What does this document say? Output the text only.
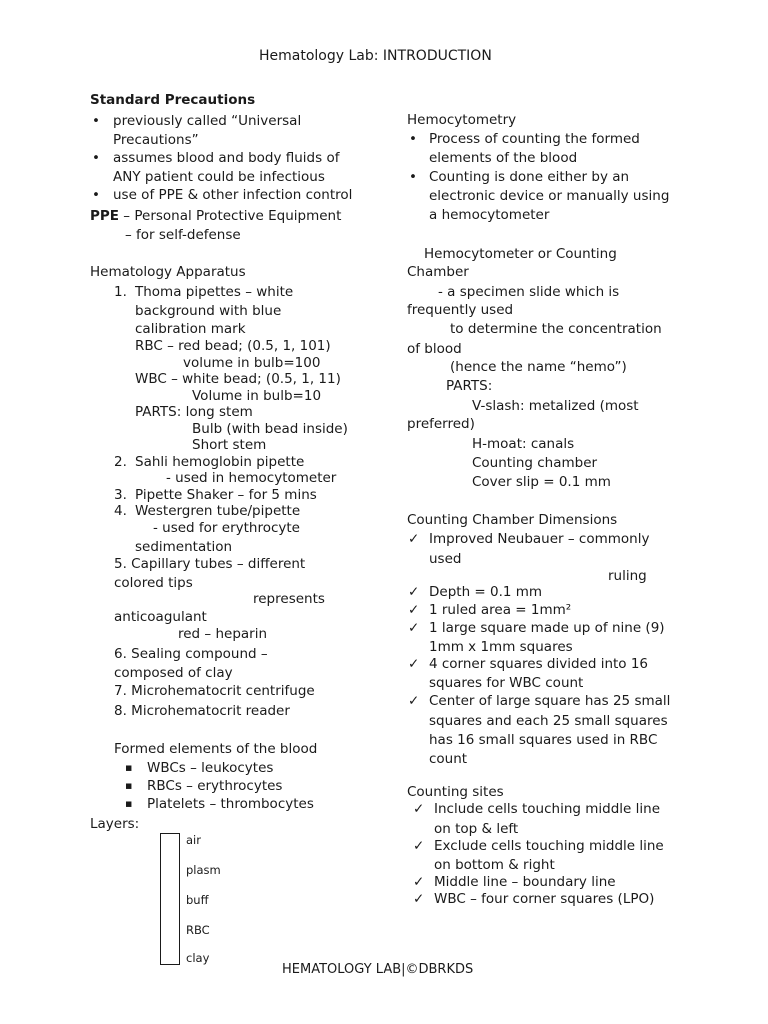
Hematology Lab: INTRODUCTION
Standard Precautions
• previously called “Universal
Precautions”
• assumes blood and body fluids of
ANY patient could be infectious
• use of PPE & other infection control
PPE – Personal Protective Equipment
– for self-defense
Hematology Apparatus
1. Thoma pipettes – white
background with blue
calibration mark
RBC – red bead; (0.5, 1, 101)
volume in bulb=100
WBC – white bead; (0.5, 1, 11)
Volume in bulb=10
PARTS: long stem
Bulb (with bead inside)
Short stem
2. Sahli hemoglobin pipette
- used in hemocytometer
3. Pipette Shaker – for 5 mins
4. Westergren tube/pipette
- used for erythrocyte
sedimentation
5. Capillary tubes – different
colored tips
represents
anticoagulant
red – heparin
6. Sealing compound –
composed of clay
7. Microhematocrit centrifuge
8. Microhematocrit reader
Formed elements of the blood
▪ WBCs – leukocytes
▪ RBCs – erythrocytes
▪ Platelets – thrombocytes
Layers:
air
plasm
buff
RBC
clay
Hemocytometry
• Process of counting the formed
elements of the blood
• Counting is done either by an
electronic device or manually using
a hemocytometer
Hemocytometer or Counting
Chamber
- a specimen slide which is
frequently used
to determine the concentration
of blood
(hence the name “hemo”)
PARTS:
V-slash: metalized (most
preferred)
H-moat: canals
Counting chamber
Cover slip = 0.1 mm
Counting Chamber Dimensions
✓ Improved Neubauer – commonly
used
ruling
✓ Depth = 0.1 mm
✓ 1 ruled area = 1mm²
✓ 1 large square made up of nine (9)
1mm x 1mm squares
✓ 4 corner squares divided into 16
squares for WBC count
✓ Center of large square has 25 small
squares and each 25 small squares
has 16 small squares used in RBC
count
Counting sites
✓ Include cells touching middle line
on top & left
✓ Exclude cells touching middle line
on bottom & right
✓ Middle line – boundary line
✓ WBC – four corner squares (LPO)
HEMATOLOGY LAB|©DBRKDS
